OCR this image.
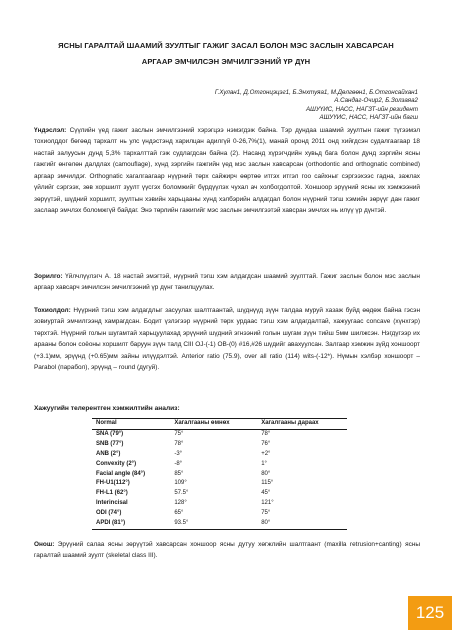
ЯСНЫ ГАРАЛТАЙ ШААМИЙ ЗУУЛТЫГ ГАЖИГ ЗАСАЛ БОЛОН МЭС ЗАСЛЫН ХАВСАРСАН
АРГААР ЭМЧИЛСЭН ЭМЧИЛГЭЭНИЙ ҮР ДҮН
Г.Хулан1, Д.Отгонцэцэг1, Б.Энхтуяа1, М.Дөлгөөн1, Б.Отгонсайхан1
А.Сандаг-Очир2, Б.Золзаяа2
АШУҮИС, НАСС, НАГЗТ-ийн резидент
АШУҮИС, НАСС, НАГЗТ-ийн багш
Үндэслэл: Сүүлийн үед гажиг заслын эмчилгээний хэрэгцээ нэмэгдэж байна. Тэр дундаа шаамий зуултын гажиг түгээмэл тохиолддог бөгөөд тархалт нь улс үндэстэнд харилцан адилгүй 0-26,7%(1), манай оронд 2011 онд хийгдсэн судалгаагаар 18 настай залуусын дунд 5,3% тархалттай гэж судлагдсан байна (2). Насанд хүрэгчдийн хувьд бага болон дунд зэргийн ясны гажгийг өнгөлөн далдлах (camouflage), хүнд зэргийн гажгийн үед мэс заслын хавсарсан (orthodontic and orthognatic combined) аргаар эмчилдэг. Orthognatic хагалгаагаар нүүрний төрх сайжирч өөртөө итгэх итгэл гоо сайхныг сэргээхээс гадна, зажлах үйлийг сэргээх, зөв хоршилт зуулт үүсгэх боломжийг бүрдүүлэх чухал ач холбогдолтой. Хоншоор эрүүний ясны их хэмжээний зөрүүтэй, шүдний хоршилт, зуултын хэвийн харьцааны хүнд хэлбэрийн алдагдал болон нүүрний тэгш хэмийн зөрүүг дан гажиг заслаар эмчлэх боломжгүй байдаг. Энэ төрлийн гажигийг мэс заслын эмчилгээтэй хавсран эмчлэх нь илүү үр дүнтэй.
Зорилго: Үйлчлүүлэгч А. 18 настай эмэгтэй, нүүрний тэгш хэм алдагдсан шаамий зуулттай. Гажиг заслын болон мэс заслын аргаар хавсарч эмчилсэн эмчилгээний үр дүнг танилцуулах.
Тохиолдол: Нүүрний тэгш хэм алдагдлыг засуулах шалтгаантай, шүднүүд зүүн талдаа муруй хазаж буйд өөдөж байна гэсэн зовиуртай эмчилгээнд хамрагдсан. Бодит үзлэгээр нүүрний төрх урдаас тэгш хэм алдагдалтай, хажуугаас concave (хүнхгэр) төрхтэй. Нүүрний голын шугамтай харьцуулахад эрүүний шүдний эгнээний голын шугам зүүн тийш 5мм шилжсэн. Нэгдүгээр их арааны болон соёоны хоршилт баруун зүүн талд CIII OJ-(-1) OB-(0) #16,#26 шүдийг авахуулсан. Залгаар хэмжин зүйд хоншоорт (+3.1)мм, эрүүнд (+0.65)мм зайны илүүдэлтэй. Anterior ratio (75.9), over all ratio (114) wits-(-12*). Нүмын хэлбэр хоншоорт –Parabol (парабол), эрүүнд – round (дугуй).
Хажуугийн телерентген хэмжилтийн анализ:
Normal	Хагалгааны өмнөх	Хагалгааны дараах
SNA (79°)	75°	78°
SNB (77°)	78°	76°
ANB (2°)	-3°	+2°
Convexity (2°)	-8°	1°
Facial angle (84°)	85°	80°
FH-U1(112°)	109°	115°
FH-L1 (62°)	57.5°	45°
Interincisal	128°	121°
ODI (74°)	65°	75°
APDI (81°)	93.5°	80°
Онош: Эрүүний салаа ясны зөрүүтэй хавсарсан хоншоор ясны дутуу хөгжлийн шалтгаант (maxilla retrusion+canting) ясны гаралтай шаамий зуулт (skeletal class III).
125
